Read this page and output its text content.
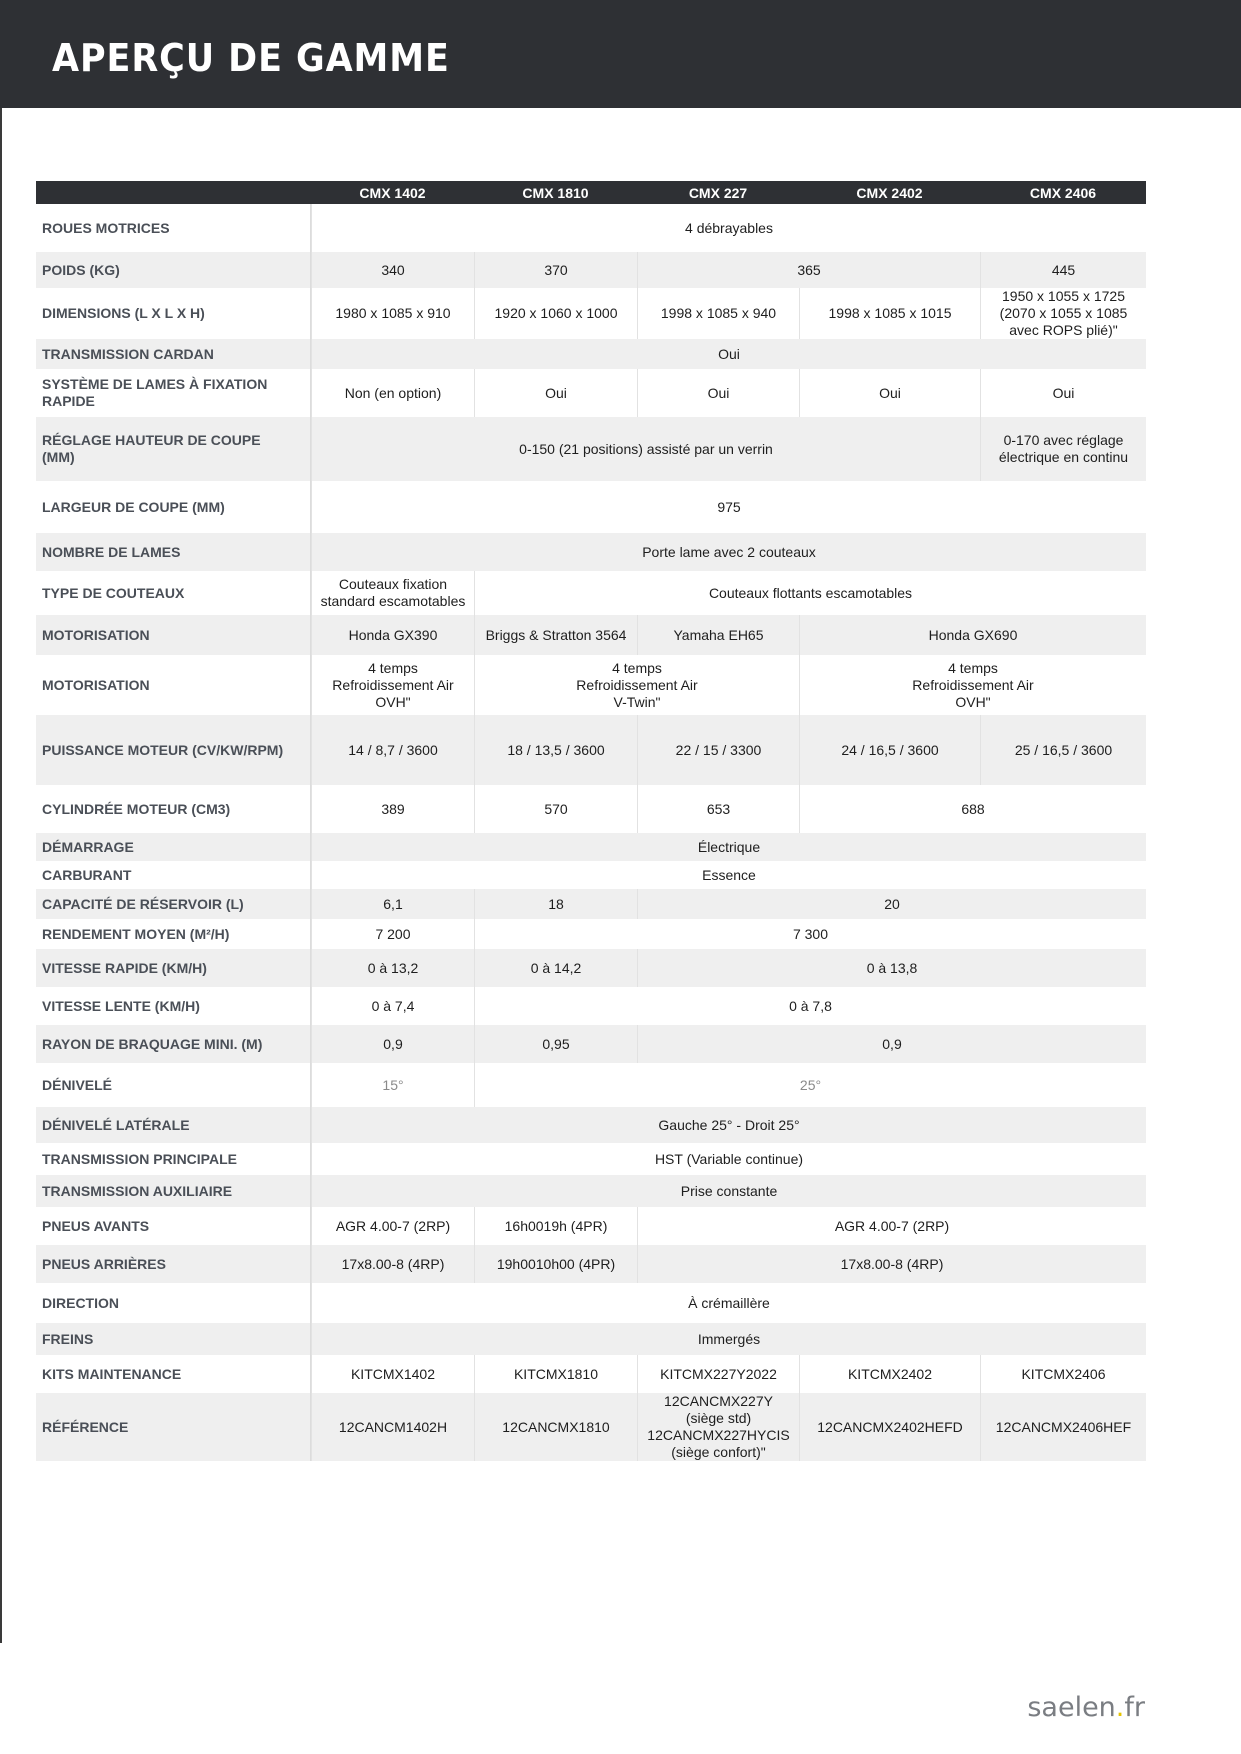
APERÇU DE GAMME
	CMX 1402	CMX 1810	CMX 227	CMX 2402	CMX 2406
ROUES MOTRICES	4 débrayables				
POIDS (KG)	340	370	365		445
DIMENSIONS (L X L X H)	1980 x 1085 x 910	1920 x 1060 x 1000	1998 x 1085 x 940	1998 x 1085 x 1015	1950 x 1055 x 1725
(2070 x 1055 x 1085
avec ROPS plié)"
TRANSMISSION CARDAN	Oui				
SYSTÈME DE LAMES À FIXATION
RAPIDE	Non (en option)	Oui	Oui	Oui	Oui
RÉGLAGE HAUTEUR DE COUPE
(MM)	0-150 (21 positions) assisté par un verrin				0-170 avec réglage
électrique en continu
LARGEUR DE COUPE (MM)	975				
NOMBRE DE LAMES	Porte lame avec 2 couteaux				
TYPE DE COUTEAUX	Couteaux fixation
standard escamotables	Couteaux flottants escamotables			
MOTORISATION	Honda GX390	Briggs & Stratton 3564	Yamaha EH65	Honda GX690	
MOTORISATION	4 temps
Refroidissement Air
OVH"	4 temps
Refroidissement Air
V-Twin"		4 temps
Refroidissement Air
OVH"	
PUISSANCE MOTEUR (CV/KW/RPM)	14 / 8,7 / 3600	18 / 13,5 / 3600	22 / 15 / 3300	24 / 16,5 / 3600	25 / 16,5 / 3600
CYLINDRÉE MOTEUR (CM3)	389	570	653	688	
DÉMARRAGE	Électrique				
CARBURANT	Essence				
CAPACITÉ DE RÉSERVOIR (L)	6,1	18	20		
RENDEMENT MOYEN (M²/H)	7 200	7 300			
VITESSE RAPIDE (KM/H)	0 à 13,2	0 à 14,2	0 à 13,8		
VITESSE LENTE (KM/H)	0 à 7,4	0 à 7,8			
RAYON DE BRAQUAGE MINI. (M)	0,9	0,95	0,9		
DÉNIVELÉ	15°	25°			
DÉNIVELÉ LATÉRALE	Gauche 25° - Droit 25°				
TRANSMISSION PRINCIPALE	HST (Variable continue)				
TRANSMISSION AUXILIAIRE	Prise constante				
PNEUS AVANTS	AGR 4.00-7 (2RP)	16h0019h (4PR)	AGR 4.00-7 (2RP)		
PNEUS ARRIÈRES	17x8.00-8 (4RP)	19h0010h00 (4PR)	17x8.00-8 (4RP)		
DIRECTION	À crémaillère				
FREINS	Immergés				
KITS MAINTENANCE	KITCMX1402	KITCMX1810	KITCMX227Y2022	KITCMX2402	KITCMX2406
RÉFÉRENCE	12CANCM1402H	12CANCMX1810	12CANCMX227Y
(siège std)
12CANCMX227HYCIS
(siège confort)"	12CANCMX2402HEFD	12CANCMX2406HEF
saelen.fr
